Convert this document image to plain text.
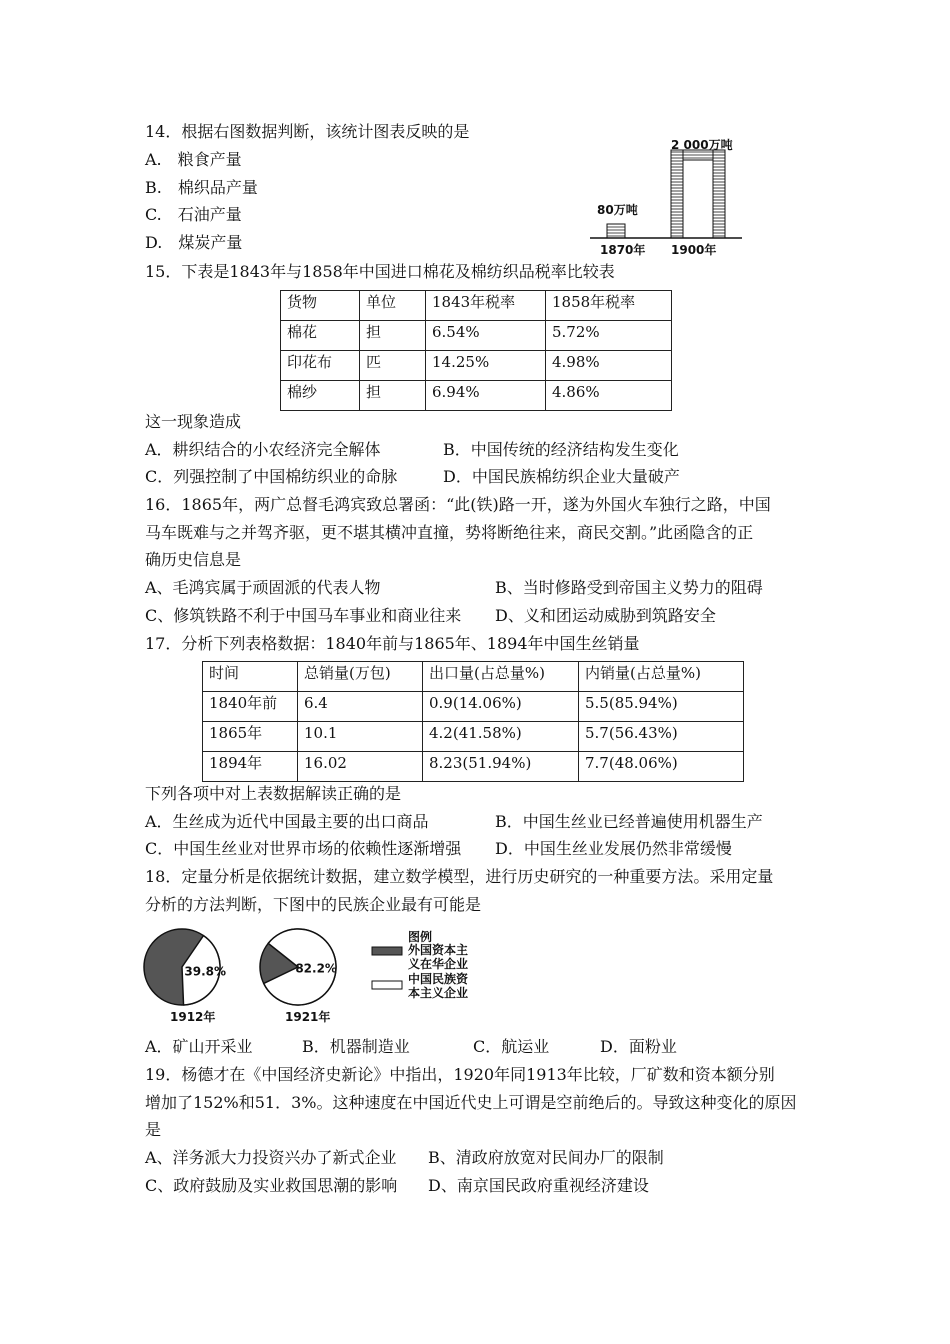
14．根据右图数据判断，该统计图表反映的是
A.　粮食产量
B.　棉织品产量
C.　石油产量
D.　煤炭产量
80万吨
2 000万吨
1870年 1900年
15．下表是1843年与1858年中国进口棉花及棉纺织品税率比较表
货物	单位	1843年税率	1858年税率
棉花	担	6.54%	5.72%
印花布	匹	14.25%	4.98%
棉纱	担	6.94%	4.86%
这一现象造成
A．耕织结合的小农经济完全解体	B．中国传统的经济结构发生变化
C．列强控制了中国棉纺织业的命脉	D．中国民族棉纺织企业大量破产
16．1865年，两广总督毛鸿宾致总署函：“此(铁)路一开，遂为外国火车独行之路，中国
马车既难与之并驾齐驱，更不堪其横冲直撞，势将断绝往来，商民交割。”此函隐含的正
确历史信息是
A、毛鸿宾属于顽固派的代表人物	B、当时修路受到帝国主义势力的阻碍
C、修筑铁路不利于中国马车事业和商业往来 D、义和团运动威胁到筑路安全
17．分析下列表格数据：1840年前与1865年、1894年中国生丝销量
时间	总销量(万包)	出口量(占总量%)	内销量(占总量%)
1840年前	6.4	0.9(14.06%)	5.5(85.94%)
1865年	10.1	4.2(41.58%)	5.7(56.43%)
1894年	16.02	8.23(51.94%)	7.7(48.06%)
下列各项中对上表数据解读正确的是
A．生丝成为近代中国最主要的出口商品	B．中国生丝业已经普遍使用机器生产
C．中国生丝业对世界市场的依赖性逐渐增强 D．中国生丝业发展仍然非常缓慢
18．定量分析是依据统计数据，建立数学模型，进行历史研究的一种重要方法。采用定量
分析的方法判断，下图中的民族企业最有可能是
39.8%	82.2%
1912年	1921年
图例
外国资本主
义在华企业
中国民族资
本主义企业
A．矿山开采业	B．机器制造业	C．航运业	D．面粉业
19．杨德才在《中国经济史新论》中指出，1920年同1913年比较，厂矿数和资本额分别
增加了152%和51．3%。这种速度在中国近代史上可谓是空前绝后的。导致这种变化的原因
是
A、洋务派大力投资兴办了新式企业 B、清政府放宽对民间办厂的限制
C、政府鼓励及实业救国思潮的影响 D、南京国民政府重视经济建设
